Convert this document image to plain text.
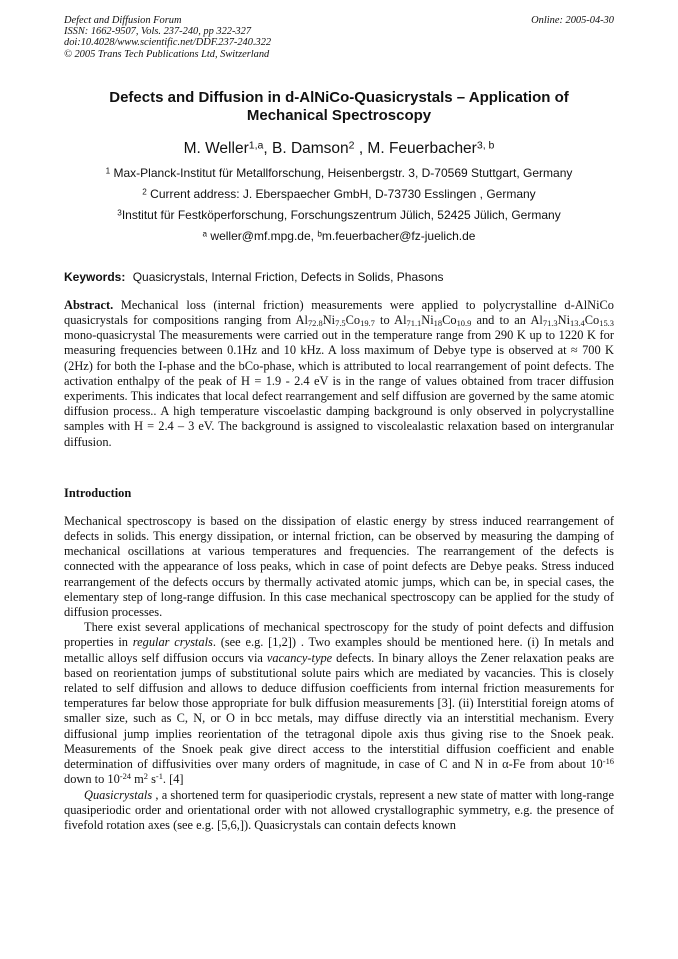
Defect and Diffusion Forum
ISSN: 1662-9507, Vols. 237-240, pp 322-327
doi:10.4028/www.scientific.net/DDF.237-240.322
© 2005 Trans Tech Publications Ltd, Switzerland
Online: 2005-04-30
Defects and Diffusion in d-AlNiCo-Quasicrystals – Application of
Mechanical Spectroscopy
M. Weller$^{1,a}$, B. Damson$^2$ , M. Feuerbacher$^{3, b}$
$^1$ Max-Planck-Institut für Metallforschung, Heisenbergstr. 3, D-70569 Stuttgart, Germany
$^2$ Current address: J. Eberspaecher GmbH, D-73730 Esslingen , Germany
$^3$Institut für Festköperforschung, Forschungszentrum Jülich, 52425 Jülich, Germany
$^a$ weller@mf.mpg.de, $^b$m.feuerbacher@fz-juelich.de
Keywords: Quasicrystals, Internal Friction, Defects in Solids, Phasons
Abstract. Mechanical loss (internal friction) measurements were applied to polycrystalline d-AlNiCo quasicrystals for compositions ranging from $Al_{72.8}Ni_{7.5}Co_{19.7}$ to $Al_{71.1}Ni_{18}Co_{10.9}$ and to an $Al_{71.3}Ni_{13.4}Co_{15.3}$ mono-quasicrystal The measurements were carried out in the temperature range from 290 K up to 1220 K for measuring frequencies between 0.1Hz and 10 kHz. A loss maximum of Debye type is observed at ≈ 700 K (2Hz) for both the I-phase and the bCo-phase, which is attributed to local rearrangement of point defects. The activation enthalpy of the peak of H = 1.9 - 2.4 eV is in the range of values obtained from tracer diffusion experiments. This indicates that local defect rearrangement and self diffusion are governed by the same atomic diffusion process.. A high temperature viscoelastic damping background is only observed in polycrystalline samples with H = 2.4 – 3 eV. The background is assigned to viscolealastic relaxation based on intergranular diffusion.
Introduction
Mechanical spectroscopy is based on the dissipation of elastic energy by stress induced rearrangement of defects in solids. This energy dissipation, or internal friction, can be observed by measuring the damping of mechanical oscillations at various temperatures and frequencies. The rearrangement of the defects is connected with the appearance of loss peaks, which in case of point defects are Debye peaks. Stress induced rearrangement of the defects occurs by thermally activated atomic jumps, which can be, in special cases, the elementary step of long-range diffusion. In this case mechanical spectroscopy can be applied for the study of diffusion processes.
There exist several applications of mechanical spectroscopy for the study of point defects and diffusion properties in regular crystals. (see e.g. [1,2]) . Two examples should be mentioned here. (i) In metals and metallic alloys self diffusion occurs via vacancy-type defects. In binary alloys the Zener relaxation peaks are based on reorientation jumps of substitutional solute pairs which are mediated by vacancies. This is closely related to self diffusion and allows to deduce diffusion coefficients from internal friction measurements for temperatures far below those appropriate for bulk diffusion measurements [3]. (ii) Interstitial foreign atoms of smaller size, such as C, N, or O in bcc metals, may diffuse directly via an interstitial mechanism. Every diffusional jump implies reorientation of the tetragonal dipole axis thus giving rise to the Snoek peak. Measurements of the Snoek peak give direct access to the interstitial diffusion coefficient and enable determination of diffusivities over many orders of magnitude, in case of C and N in α-Fe from about $10^{-16}$ down to $10^{-24}$ $m^2$ $s^{-1}$. [4]
Quasicrystals , a shortened term for quasiperiodic crystals, represent a new state of matter with long-range quasiperiodic order and orientational order with not allowed crystallographic symmetry, e.g. the presence of fivefold rotation axes (see e.g. [5,6,]). Quasicrystals can contain defects known
